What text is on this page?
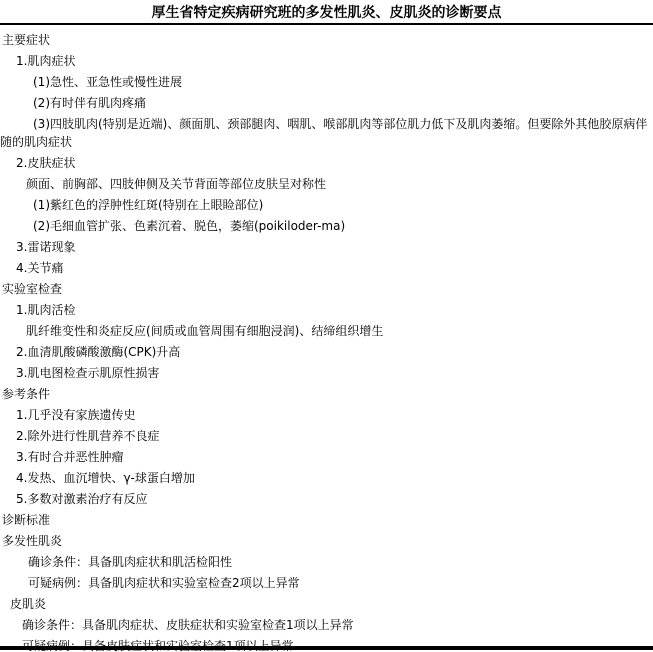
厚生省特定疾病研究班的多发性肌炎、皮肌炎的诊断要点

主要症状

1.肌肉症状

(1)急性、亚急性或慢性进展

(2)有时伴有肌肉疼痛

(3)四肢肌肉(特别是近端)、颜面肌、颈部腿肉、咽肌、喉部肌肉等部位肌力低下及肌肉萎缩。但要除外其他胶原病伴随的肌肉症状

2.皮肤症状

颜面、前胸部、四肢伸侧及关节背面等部位皮肤呈对称性

(1)紫红色的浮肿性红斑(特别在上眼睑部位)

(2)毛细血管扩张、色素沉着、脱色，萎缩(poikiloder-ma)

3.雷诺现象

4.关节痛

实验室检查

1.肌肉活检

肌纤维变性和炎症反应(间质或血管周围有细胞浸润)、结缔组织增生

2.血清肌酸磷酸激酶(CPK)升高

3.肌电图检查示肌原性损害

参考条件

1.几乎没有家族遗传史

2.除外进行性肌营养不良症

3.有时合并恶性肿瘤

4.发热、血沉增快、γ-球蛋白增加

5.多数对激素治疗有反应

诊断标准

多发性肌炎

确诊条件：具备肌肉症状和肌活检阳性

可疑病例：具备肌肉症状和实验室检查2项以上异常

皮肌炎

确诊条件：具备肌肉症状、皮肤症状和实验室检查1项以上异常
